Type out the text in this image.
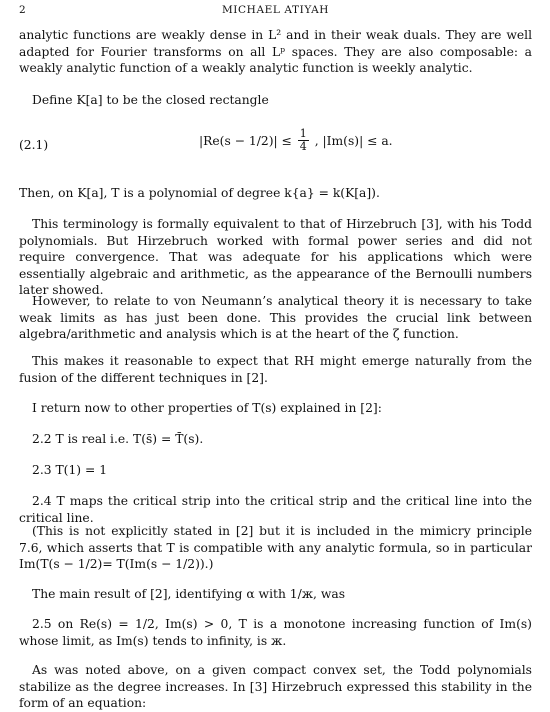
2	MICHAEL ATIYAH

analytic functions are weakly dense in L² and in their weak duals. They are well adapted for Fourier transforms on all Lᵖ spaces. They are also composable: a weakly analytic function of a weakly analytic function is weekly analytic.

Define K[a] to be the closed rectangle

(2.1)	$|Re(s - 1/2)| \le \frac{1}{4}$ , |Im(s)| ≤ a.

Then, on K[a], T is a polynomial of degree k{a} = k(K[a]).

This terminology is formally equivalent to that of Hirzebruch [3], with his Todd polynomials. But Hirzebruch worked with formal power series and did not require convergence. That was adequate for his applications which were essentially algebraic and arithmetic, as the appearance of the Bernoulli numbers later showed.

However, to relate to von Neumann’s analytical theory it is necessary to take weak limits as has just been done. This provides the crucial link between algebra/arithmetic and analysis which is at the heart of the ζ function.

This makes it reasonable to expect that RH might emerge naturally from the fusion of the different techniques in [2].

I return now to other properties of T(s) explained in [2]:

2.2 T is real i.e. T(s̄) = T̄(s).

2.3 T(1) = 1

2.4 T maps the critical strip into the critical strip and the critical line into the critical line.

(This is not explicitly stated in [2] but it is included in the mimicry principle 7.6, which asserts that T is compatible with any analytic formula, so in particular Im(T(s − 1/2)= T(Im(s − 1/2)).)

The main result of [2], identifying α with 1/ж, was

2.5 on Re(s) = 1/2, Im(s) > 0, T is a monotone increasing function of Im(s) whose limit, as Im(s) tends to infinity, is ж.

As was noted above, on a given compact convex set, the Todd polynomials stabilize as the degree increases. In [3] Hirzebruch expressed this stability in the form of an equation:
